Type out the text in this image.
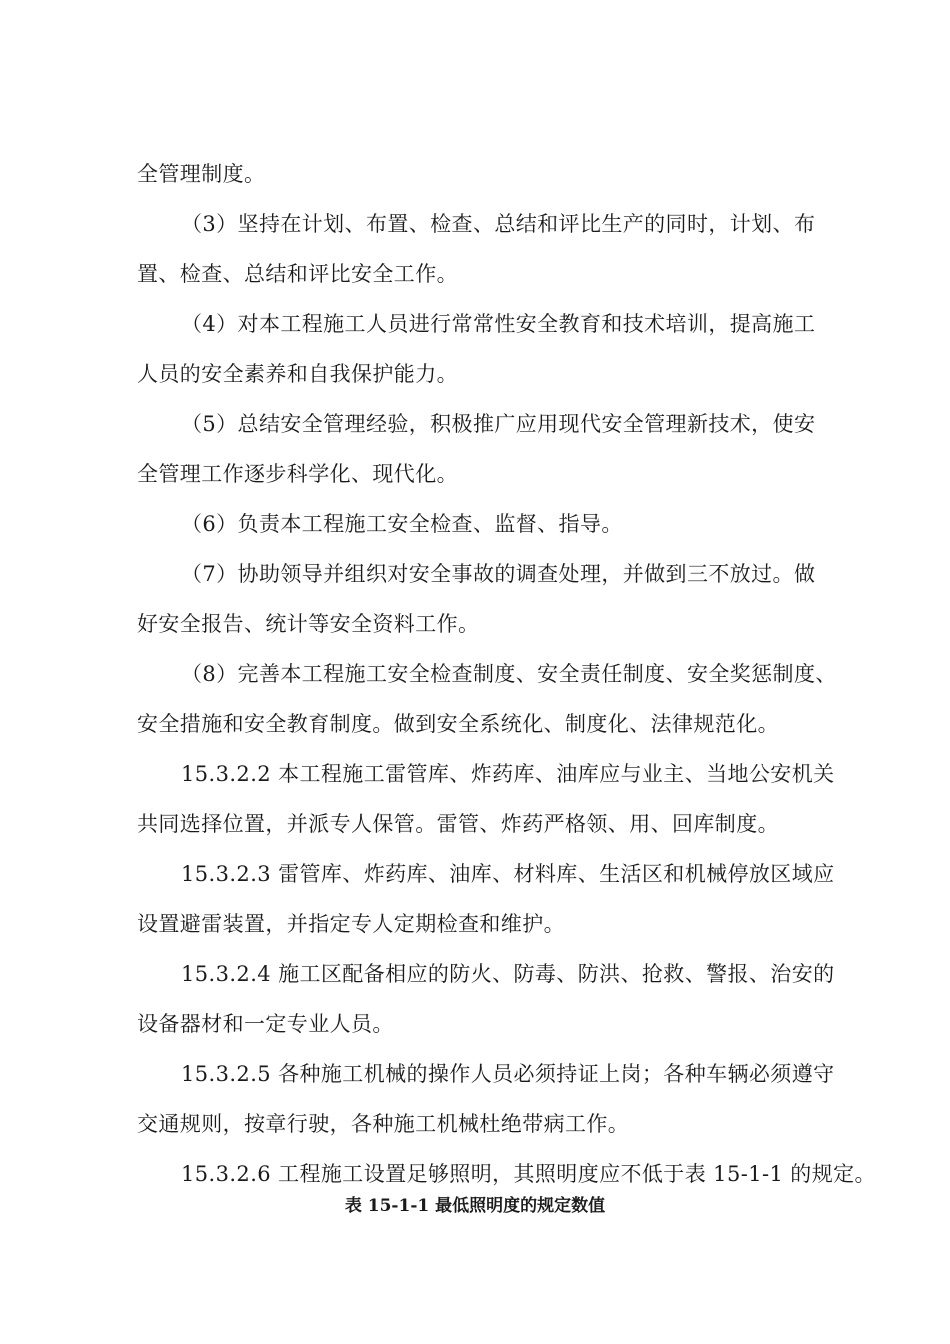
全管理制度。
（3）坚持在计划、布置、检查、总结和评比生产的同时，计划、布
置、检查、总结和评比安全工作。
（4）对本工程施工人员进行常常性安全教育和技术培训，提高施工
人员的安全素养和自我保护能力。
（5）总结安全管理经验，积极推广应用现代安全管理新技术，使安
全管理工作逐步科学化、现代化。
（6）负责本工程施工安全检查、监督、指导。
（7）协助领导并组织对安全事故的调查处理，并做到三不放过。做
好安全报告、统计等安全资料工作。
（8）完善本工程施工安全检查制度、安全责任制度、安全奖惩制度、
安全措施和安全教育制度。做到安全系统化、制度化、法律规范化。
15.3.2.2 本工程施工雷管库、炸药库、油库应与业主、当地公安机关
共同选择位置，并派专人保管。雷管、炸药严格领、用、回库制度。
15.3.2.3 雷管库、炸药库、油库、材料库、生活区和机械停放区域应
设置避雷装置，并指定专人定期检查和维护。
15.3.2.4 施工区配备相应的防火、防毒、防洪、抢救、警报、治安的
设备器材和一定专业人员。
15.3.2.5 各种施工机械的操作人员必须持证上岗；各种车辆必须遵守
交通规则，按章行驶，各种施工机械杜绝带病工作。
15.3.2.6 工程施工设置足够照明，其照明度应不低于表 15-1-1 的规定。
表 15-1-1 最低照明度的规定数值
